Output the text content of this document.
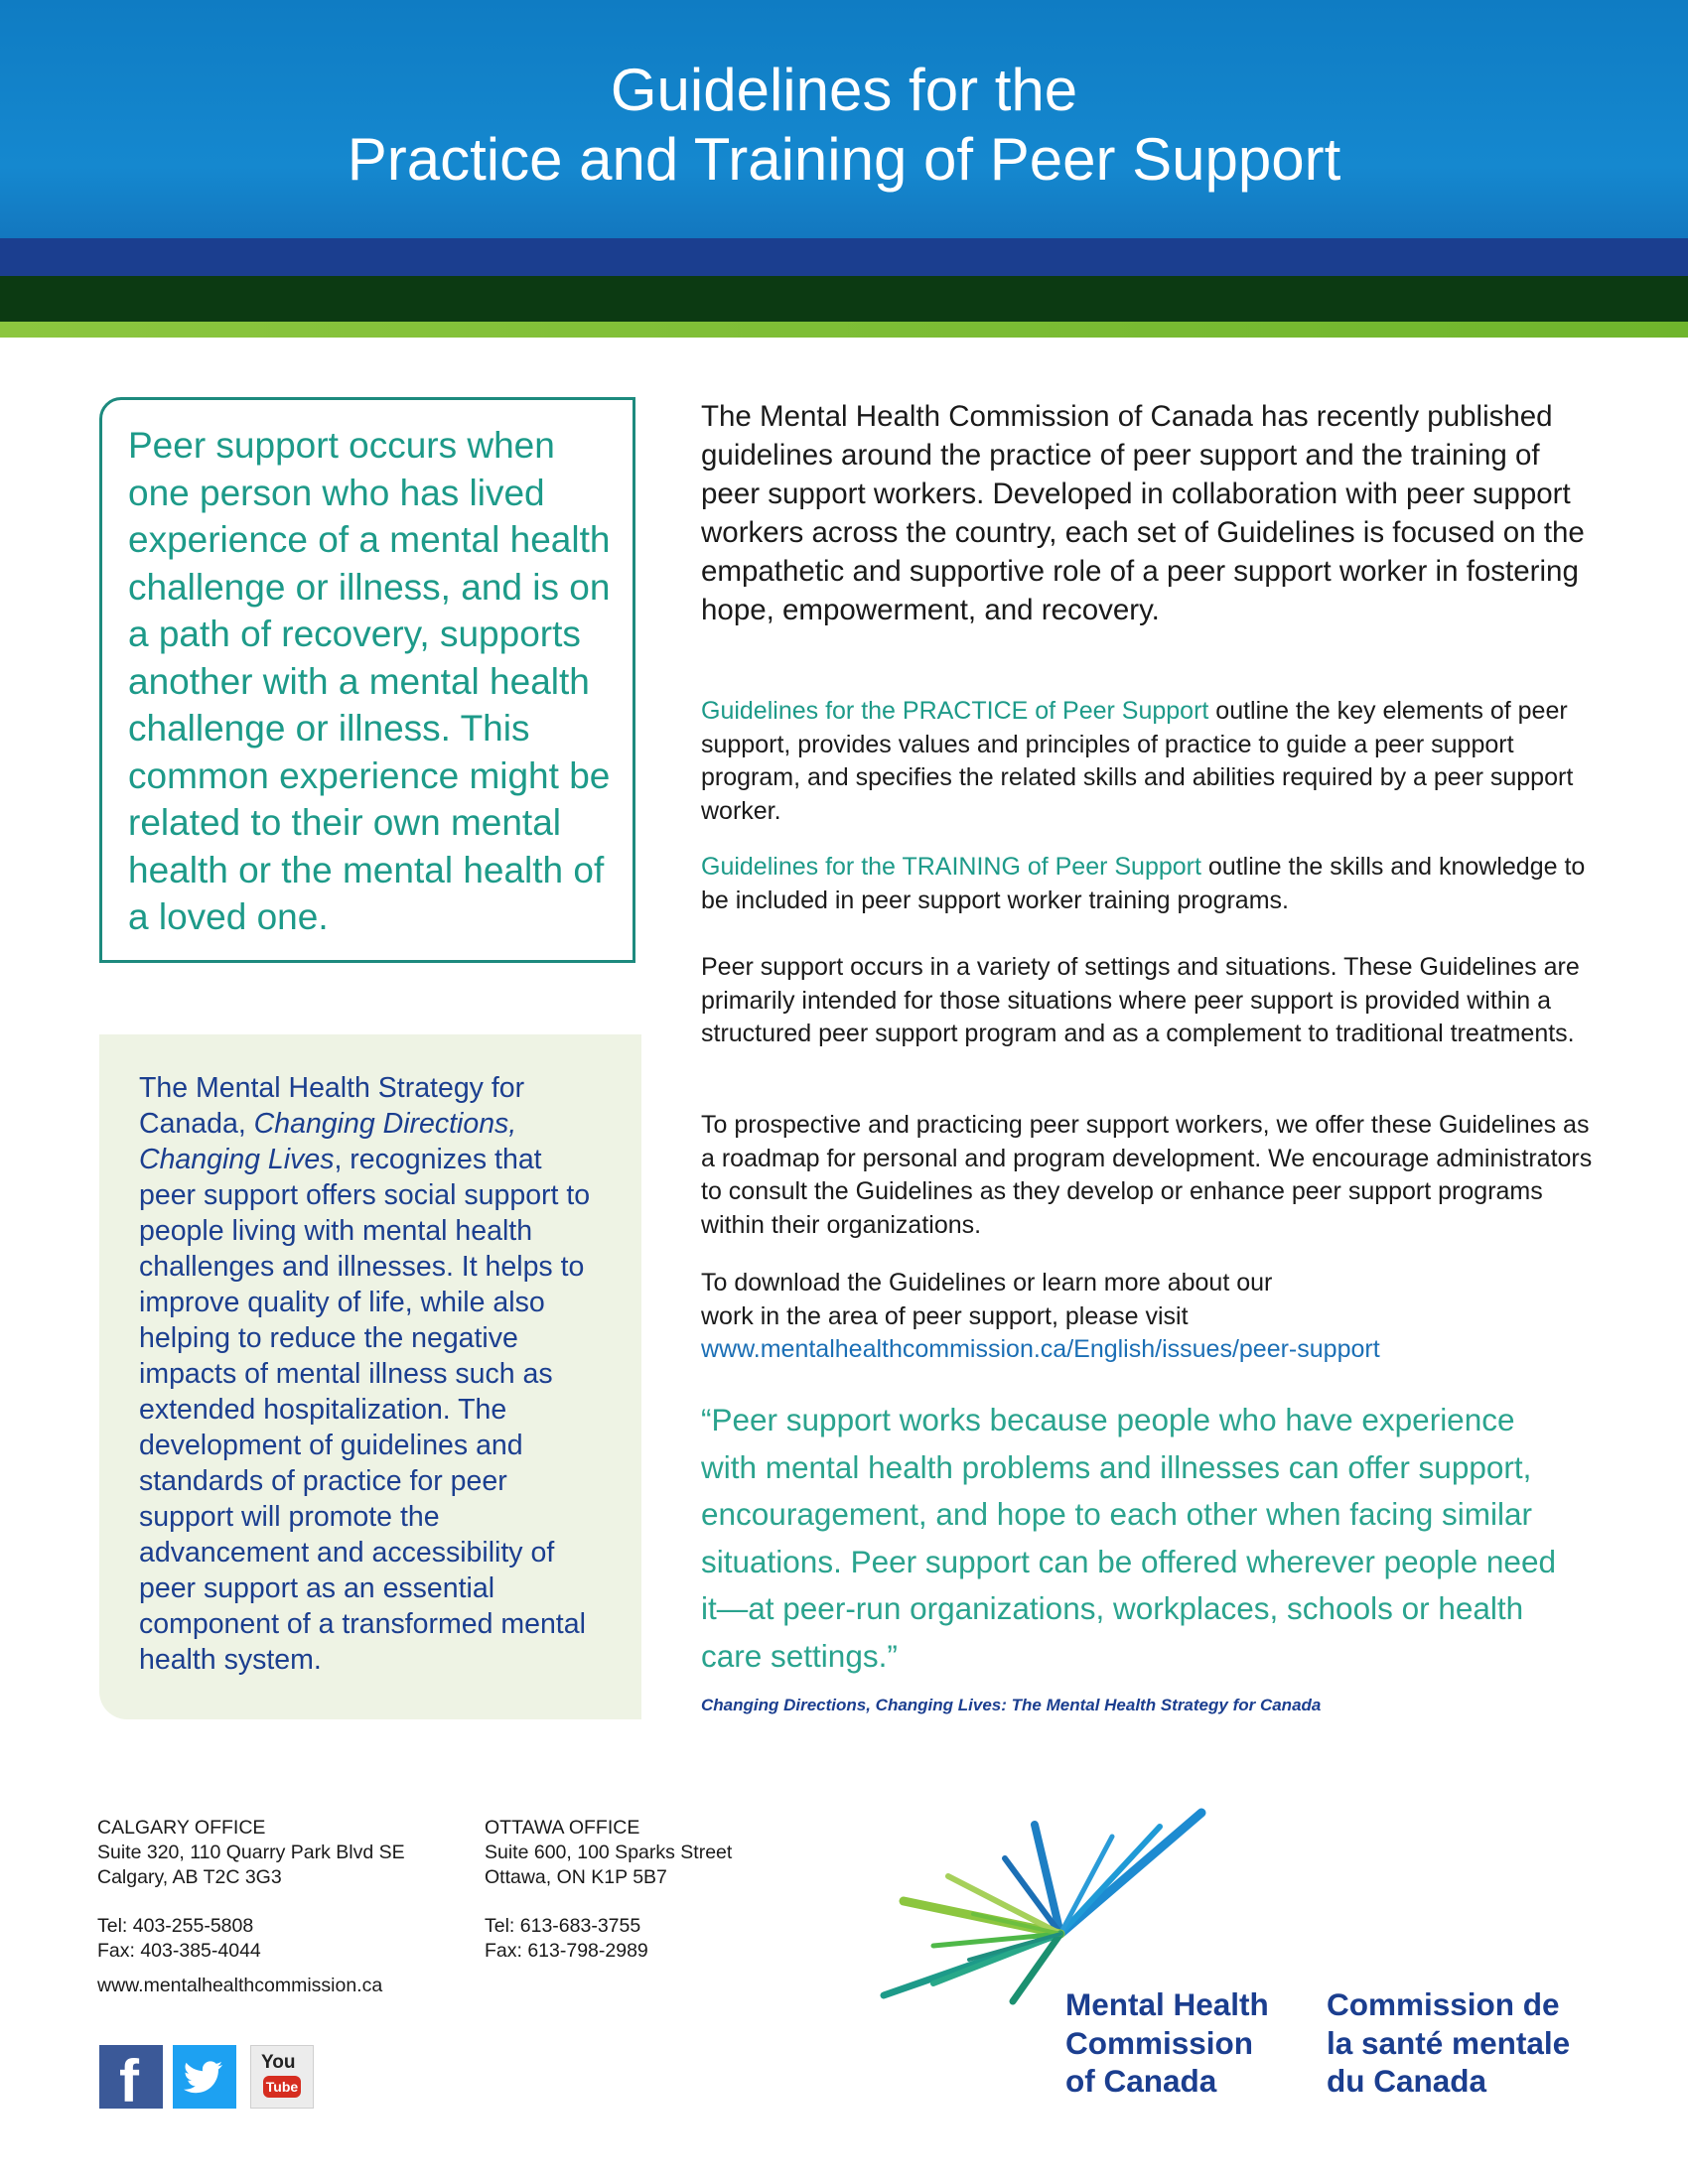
Guidelines for the
Practice and Training of Peer Support

Peer support occurs when one person who has lived experience of a mental health challenge or illness, and is on a path of recovery, supports another with a mental health challenge or illness. This common experience might be related to their own mental health or the mental health of a loved one.

The Mental Health Strategy for Canada, Changing Directions, Changing Lives, recognizes that peer support offers social support to people living with mental health challenges and illnesses. It helps to improve quality of life, while also helping to reduce the negative impacts of mental illness such as extended hospitalization. The development of guidelines and standards of practice for peer support will promote the advancement and accessibility of peer support as an essential component of a transformed mental health system.

The Mental Health Commission of Canada has recently published guidelines around the practice of peer support and the training of peer support workers. Developed in collaboration with peer support workers across the country, each set of Guidelines is focused on the empathetic and supportive role of a peer support worker in fostering hope, empowerment, and recovery.

Guidelines for the PRACTICE of Peer Support outline the key elements of peer support, provides values and principles of practice to guide a peer support program, and specifies the related skills and abilities required by a peer support worker.

Guidelines for the TRAINING of Peer Support outline the skills and knowledge to be included in peer support worker training programs.

Peer support occurs in a variety of settings and situations. These Guidelines are primarily intended for those situations where peer support is provided within a structured peer support program and as a complement to traditional treatments.

To prospective and practicing peer support workers, we offer these Guidelines as a roadmap for personal and program development. We encourage administrators to consult the Guidelines as they develop or enhance peer support programs within their organizations.

To download the Guidelines or learn more about our
work in the area of peer support, please visit
www.mentalhealthcommission.ca/English/issues/peer-support

“Peer support works because people who have experience with mental health problems and illnesses can offer support, encouragement, and hope to each other when facing similar situations. Peer support can be offered wherever people need it—at peer-run organizations, workplaces, schools or health care settings.”

Changing Directions, Changing Lives: The Mental Health Strategy for Canada

CALGARY OFFICE
Suite 320, 110 Quarry Park Blvd SE
Calgary, AB T2C 3G3
Tel: 403-255-5808
Fax: 403-385-4044
OTTAWA OFFICE
Suite 600, 100 Sparks Street
Ottawa, ON K1P 5B7
Tel: 613-683-3755
Fax: 613-798-2989
www.mentalhealthcommission.ca
f	You
Tube
Mental Health
Commission
of Canada
Commission de
la santé mentale
du Canada
